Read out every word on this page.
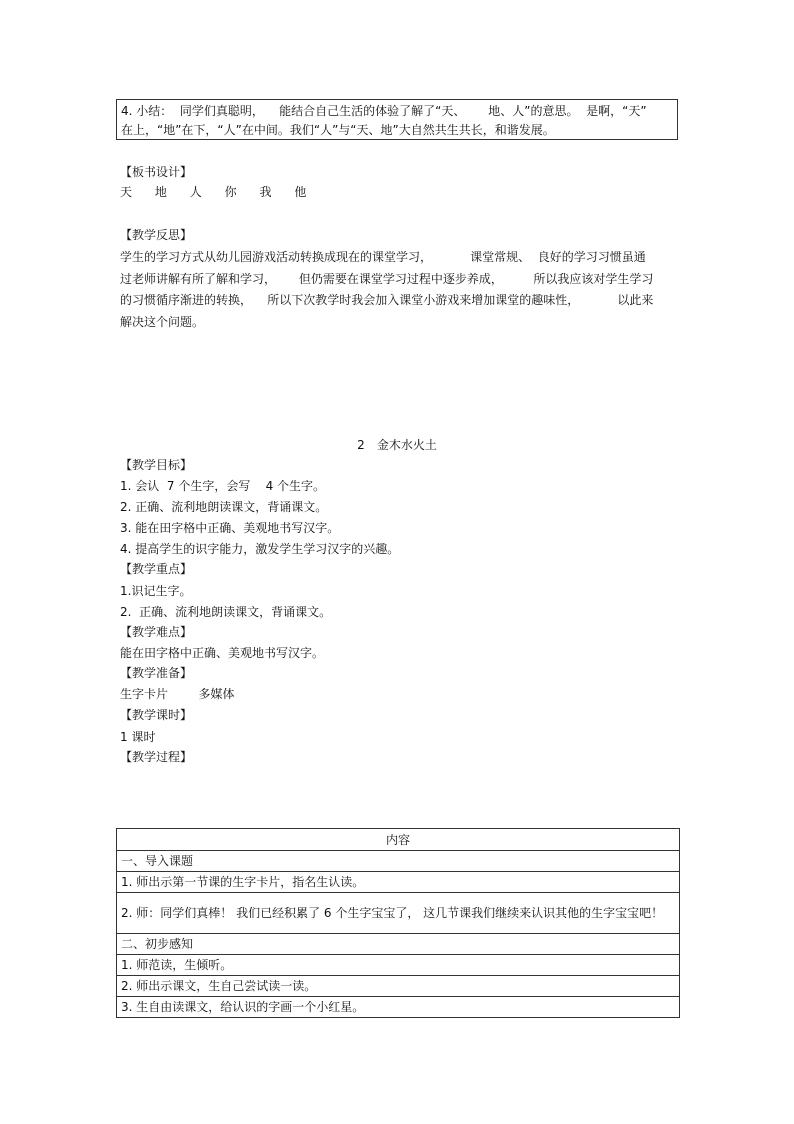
4. 小结：  同学们真聪明，    能结合自己生活的体验了解了“天、      地、人”的意思。  是啊，“天”

在上，“地”在下，“人”在中间。我们“人”与“天、地”大自然共生共长，和谐发展。

【板书设计】

天      地      人      你      我      他

【教学反思】

学生的学习方式从幼儿园游戏活动转换成现在的课堂学习，          课堂常规、  良好的学习习惯虽通
过老师讲解有所了解和学习，      但仍需要在课堂学习过程中逐步养成，        所以我应该对学生学习
的习惯循序渐进的转换，    所以下次教学时我会加入课堂小游戏来增加课堂的趣味性，          以此来
解决这个问题。

2 金木水火土

【教学目标】

1. 会认  7 个生字，会写    4 个生字。

2. 正确、流利地朗读课文，背诵课文。

3. 能在田字格中正确、美观地书写汉字。

4. 提高学生的识字能力，激发学生学习汉字的兴趣。

【教学重点】

1.识记生字。

2.  正确、流利地朗读课文，背诵课文。

【教学难点】

能在田字格中正确、美观地书写汉字。

【教学准备】

生字卡片        多媒体

【教学课时】

1 课时

【教学过程】

内容
一、导入课题
1. 师出示第一节课的生字卡片，指名生认读。
2. 师：同学们真棒！ 我们已经积累了 6 个生字宝宝了， 这几节课我们继续来认识其他的生字宝宝吧！
二、初步感知
1. 师范读，生倾听。
2. 师出示课文，生自己尝试读一读。
3. 生自由读课文，给认识的字画一个小红星。
